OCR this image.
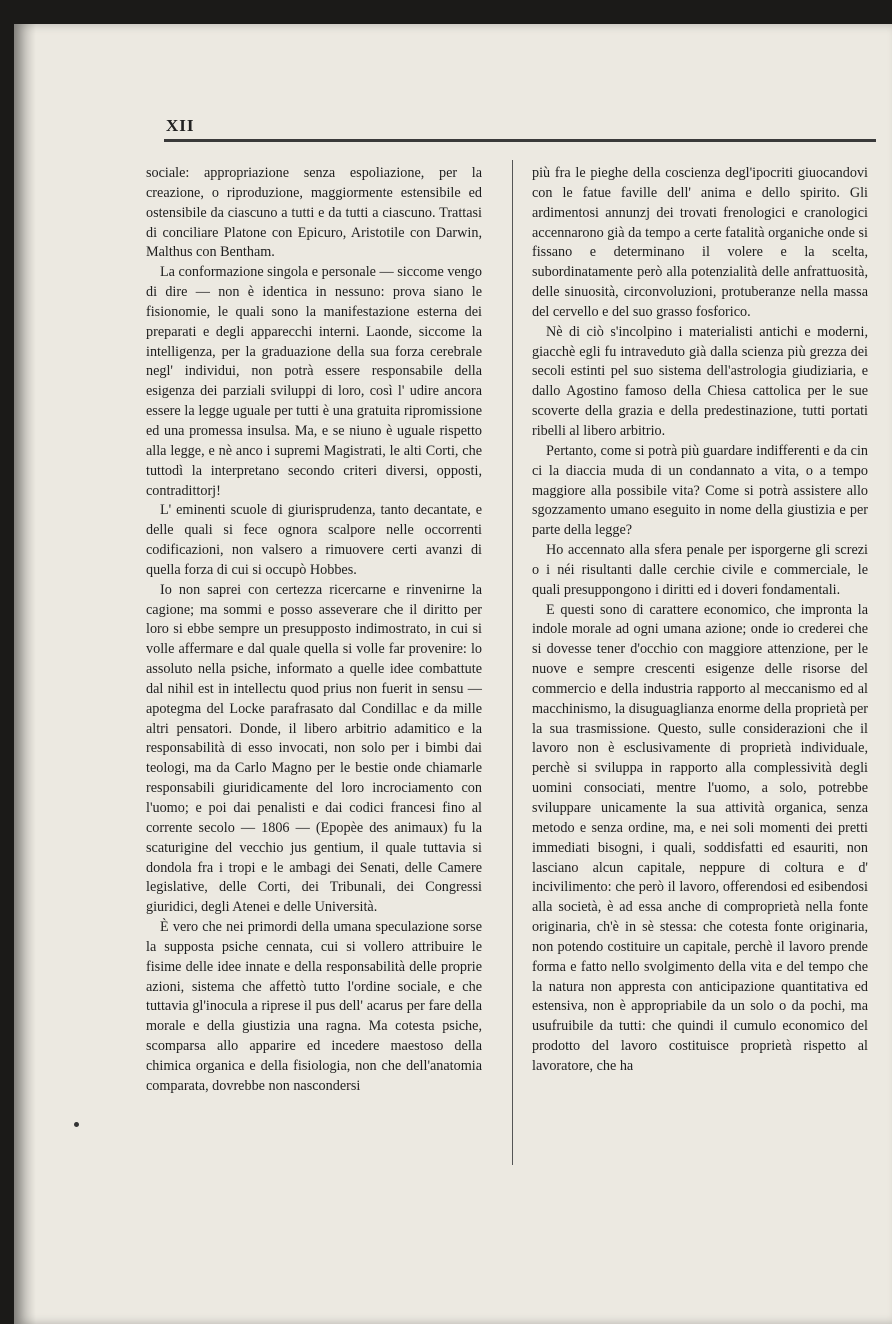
XII

sociale: appropriazione senza espoliazione, per la creazione, o riproduzione, maggiormente estensibile ed ostensibile da ciascuno a tutti e da tutti a ciascuno. Trattasi di conciliare Platone con Epicuro, Aristotile con Darwin, Malthus con Bentham.

La conformazione singola e personale — siccome vengo di dire — non è identica in nessuno: prova siano le fisionomie, le quali sono la manifestazione esterna dei preparati e degli apparecchi interni. Laonde, siccome la intelligenza, per la graduazione della sua forza cerebrale negl' individui, non potrà essere responsabile della esigenza dei parziali sviluppi di loro, così l' udire ancora essere la legge uguale per tutti è una gratuita ripromissione ed una promessa insulsa. Ma, e se niuno è uguale rispetto alla legge, e nè anco i supremi Magistrati, le alti Corti, che tuttodì la interpretano secondo criteri diversi, opposti, contradittorj!

L' eminenti scuole di giurisprudenza, tanto decantate, e delle quali si fece ognora scalpore nelle occorrenti codificazioni, non valsero a rimuovere certi avanzi di quella forza di cui si occupò Hobbes.

Io non saprei con certezza ricercarne e rinvenirne la cagione; ma sommi e posso asseverare che il diritto per loro si ebbe sempre un presupposto indimostrato, in cui si volle affermare e dal quale quella si volle far provenire: lo assoluto nella psiche, informato a quelle idee combattute dal nihil est in intellectu quod prius non fuerit in sensu — apotegma del Locke parafrasato dal Condillac e da mille altri pensatori. Donde, il libero arbitrio adamitico e la responsabilità di esso invocati, non solo per i bimbi dai teologi, ma da Carlo Magno per le bestie onde chiamarle responsabili giuridicamente del loro incrociamento con l'uomo; e poi dai penalisti e dai codici francesi fino al corrente secolo — 1806 — (Epopèe des animaux) fu la scaturigine del vecchio jus gentium, il quale tuttavia si dondola fra i tropi e le ambagi dei Senati, delle Camere legislative, delle Corti, dei Tribunali, dei Congressi giuridici, degli Atenei e delle Università.

È vero che nei primordi della umana speculazione sorse la supposta psiche cennata, cui si vollero attribuire le fisime delle idee innate e della responsabilità delle proprie azioni, sistema che affettò tutto l'ordine sociale, e che tuttavia gl'inocula a riprese il pus dell' acarus per fare della morale e della giustizia una ragna. Ma cotesta psiche, scomparsa allo apparire ed incedere maestoso della chimica organica e della fisiologia, non che dell'anatomia comparata, dovrebbe non nascondersi

più fra le pieghe della coscienza degl'ipocriti giuocandovi con le fatue faville dell' anima e dello spirito. Gli ardimentosi annunzj dei trovati frenologici e cranologici accennarono già da tempo a certe fatalità organiche onde si fissano e determinano il volere e la scelta, subordinatamente però alla potenzialità delle anfrattuosità, delle sinuosità, circonvoluzioni, protuberanze nella massa del cervello e del suo grasso fosforico.

Nè di ciò s'incolpino i materialisti antichi e moderni, giacchè egli fu intraveduto già dalla scienza più grezza dei secoli estinti pel suo sistema dell'astrologia giudiziaria, e dallo Agostino famoso della Chiesa cattolica per le sue scoverte della grazia e della predestinazione, tutti portati ribelli al libero arbitrio.

Pertanto, come si potrà più guardare indifferenti e da cin ci la diaccia muda di un condannato a vita, o a tempo maggiore alla possibile vita? Come si potrà assistere allo sgozzamento umano eseguito in nome della giustizia e per parte della legge?

Ho accennato alla sfera penale per isporgerne gli screzi o i néi risultanti dalle cerchie civile e commerciale, le quali presuppongono i diritti ed i doveri fondamentali.

E questi sono di carattere economico, che impronta la indole morale ad ogni umana azione; onde io crederei che si dovesse tener d'occhio con maggiore attenzione, per le nuove e sempre crescenti esigenze delle risorse del commercio e della industria rapporto al meccanismo ed al macchinismo, la disuguaglianza enorme della proprietà per la sua trasmissione. Questo, sulle considerazioni che il lavoro non è esclusivamente di proprietà individuale, perchè si sviluppa in rapporto alla complessività degli uomini consociati, mentre l'uomo, a solo, potrebbe sviluppare unicamente la sua attività organica, senza metodo e senza ordine, ma, e nei soli momenti dei pretti immediati bisogni, i quali, soddisfatti ed esauriti, non lasciano alcun capitale, neppure di coltura e d' incivilimento: che però il lavoro, offerendosi ed esibendosi alla società, è ad essa anche di comproprietà nella fonte originaria, ch'è in sè stessa: che cotesta fonte originaria, non potendo costituire un capitale, perchè il lavoro prende forma e fatto nello svolgimento della vita e del tempo che la natura non appresta con anticipazione quantitativa ed estensiva, non è appropriabile da un solo o da pochi, ma usufruibile da tutti: che quindi il cumulo economico del prodotto del lavoro costituisce proprietà rispetto al lavoratore, che ha
